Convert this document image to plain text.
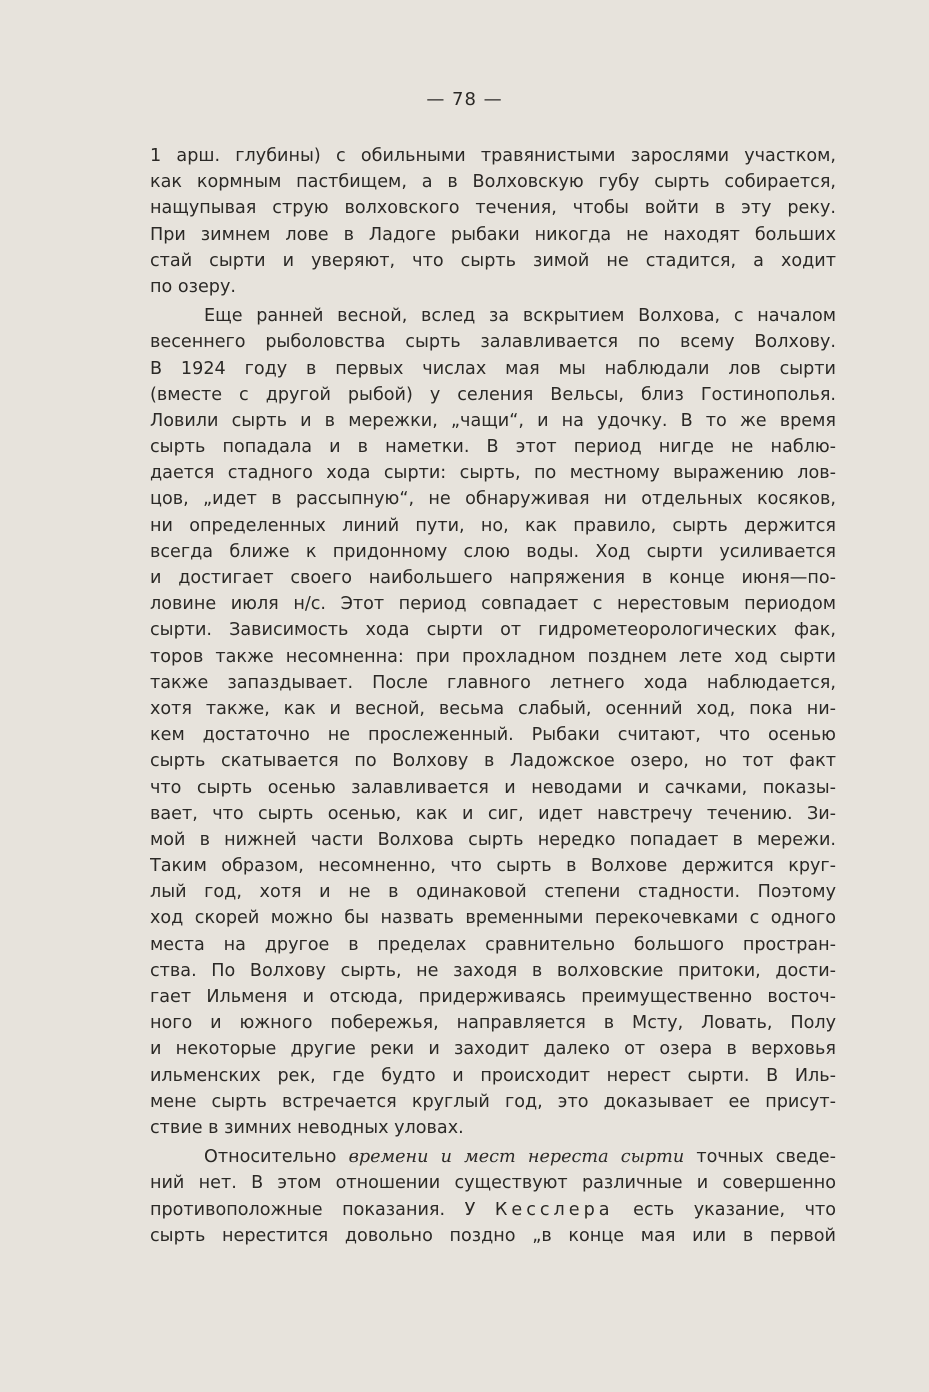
— 78 —
1 арш. глубины) с обильными травянистыми зарослями участком,
как кормным пастбищем, а в Волховскую губу сырть собирается,
нащупывая струю волховского течения, чтобы войти в эту реку.
При зимнем лове в Ладоге рыбаки никогда не находят больших
стай сырти и уверяют, что сырть зимой не стадится, а ходит
по озеру.
Еще ранней весной, вслед за вскрытием Волхова, с началом
весеннего рыболовства сырть залавливается по всему Волхову.
В 1924 году в первых числах мая мы наблюдали лов сырти
(вместе с другой рыбой) у селения Вельсы, близ Гостинополья.
Ловили сырть и в мережки, „чащи“, и на удочку. В то же время
сырть попадала и в наметки. В этот период нигде не наблю-
дается стадного хода сырти: сырть, по местному выражению лов-
цов, „идет в рассыпную“, не обнаруживая ни отдельных косяков,
ни определенных линий пути, но, как правило, сырть держится
всегда ближе к придонному слою воды. Ход сырти усиливается
и достигает своего наибольшего напряжения в конце июня—по-
ловине июля н/с. Этот период совпадает с нерестовым периодом
сырти. Зависимость хода сырти от гидрометеорологических фак,
торов также несомненна: при прохладном позднем лете ход сырти
также запаздывает. После главного летнего хода наблюдается,
хотя также, как и весной, весьма слабый, осенний ход, пока ни-
кем достаточно не прослеженный. Рыбаки считают, что осенью
сырть скатывается по Волхову в Ладожское озеро, но тот факт
что сырть осенью залавливается и неводами и сачками, показы-
вает, что сырть осенью, как и сиг, идет навстречу течению. Зи-
мой в нижней части Волхова сырть нередко попадает в мережи.
Таким образом, несомненно, что сырть в Волхове держится круг-
лый год, хотя и не в одинаковой степени стадности. Поэтому
ход скорей можно бы назвать временными перекочевками с одного
места на другое в пределах сравнительно большого простран-
ства. По Волхову сырть, не заходя в волховские притоки, дости-
гает Ильменя и отсюда, придерживаясь преимущественно восточ-
ного и южного побережья, направляется в Мсту, Ловать, Полу
и некоторые другие реки и заходит далеко от озера в верховья
ильменских рек, где будто и происходит нерест сырти. В Иль-
мене сырть встречается круглый год, это доказывает ее присут-
ствие в зимних неводных уловах.
Относительно времени и мест нереста сырти точных сведе-
ний нет. В этом отношении существуют различные и совершенно
противоположные показания. У Кесслера есть указание, что
сырть нерестится довольно поздно „в конце мая или в первой
